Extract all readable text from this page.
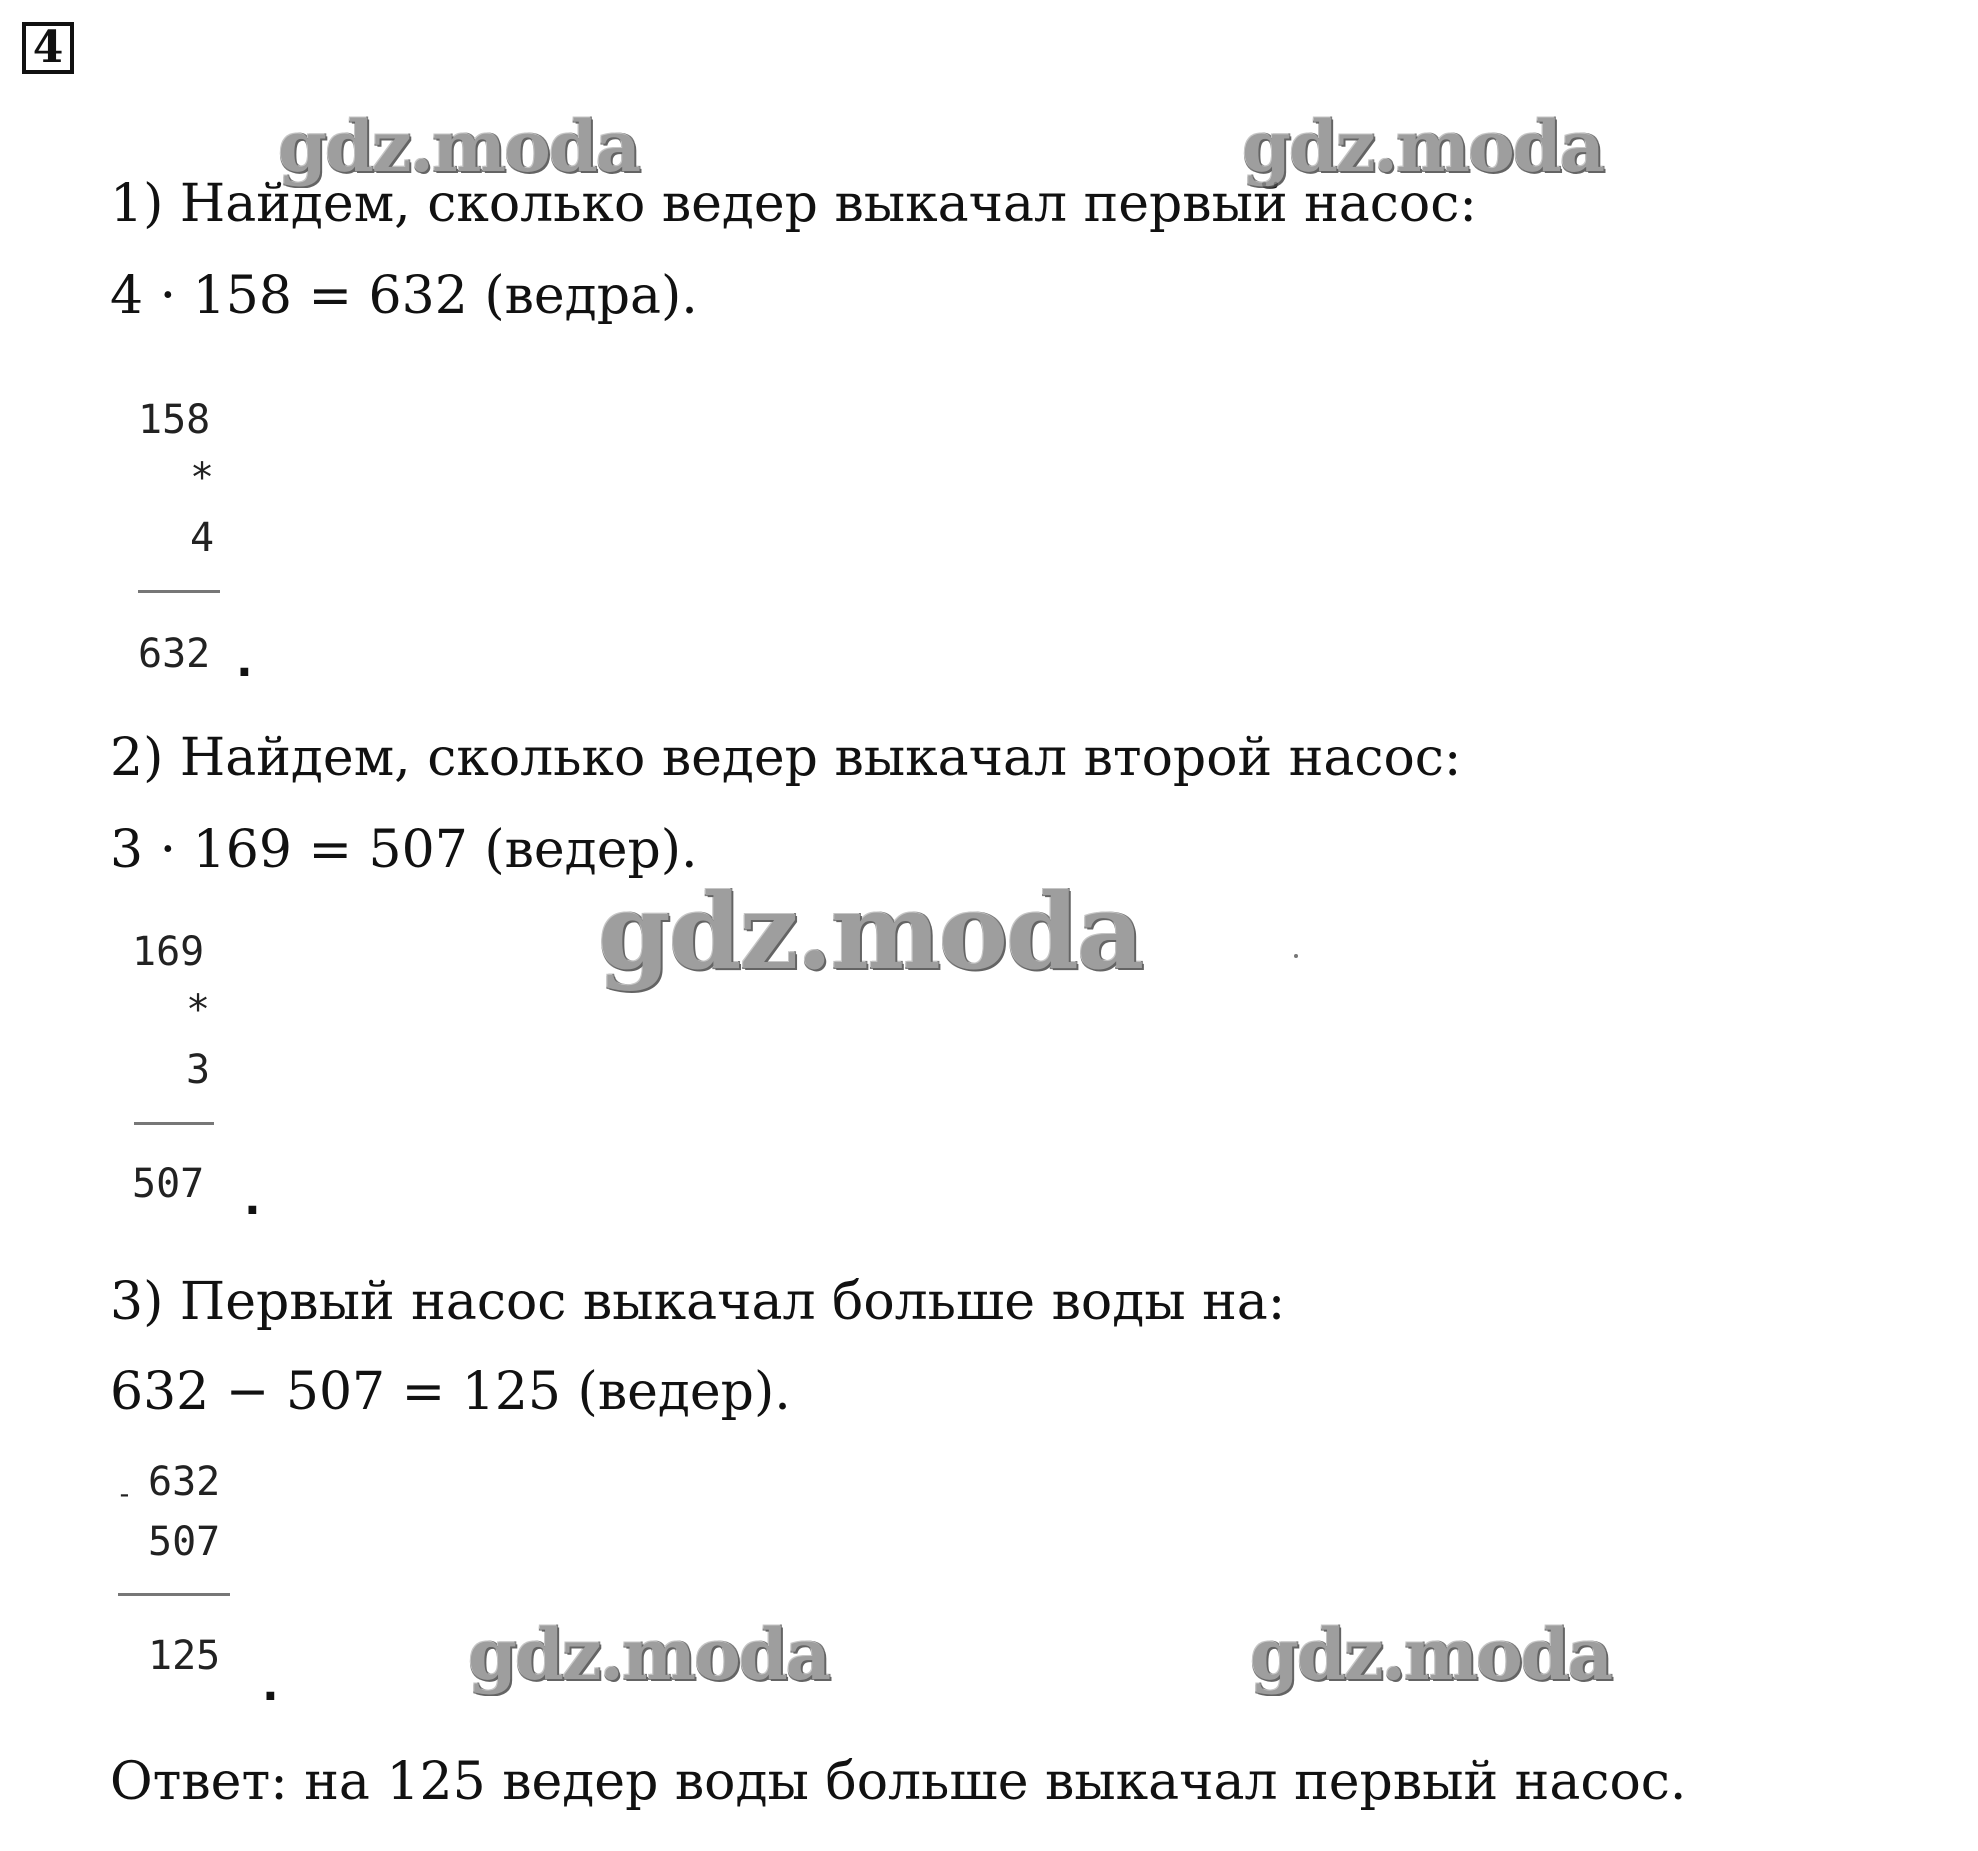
4
1) Найдем, сколько ведер выкачал первый насос:
4 · 158 = 632 (ведра).
158
*
4
632 .
2) Найдем, сколько ведер выкачал второй насос:
3 · 169 = 507 (ведер).
169
*
3
507 .
3) Первый насос выкачал больше воды на:
632 − 507 = 125 (ведер).
- 632
507
125
.
Ответ: на 125 ведер воды больше выкачал первый насос.
gdz.moda	gdz.moda
gdz.moda
gdz.moda	gdz.moda
